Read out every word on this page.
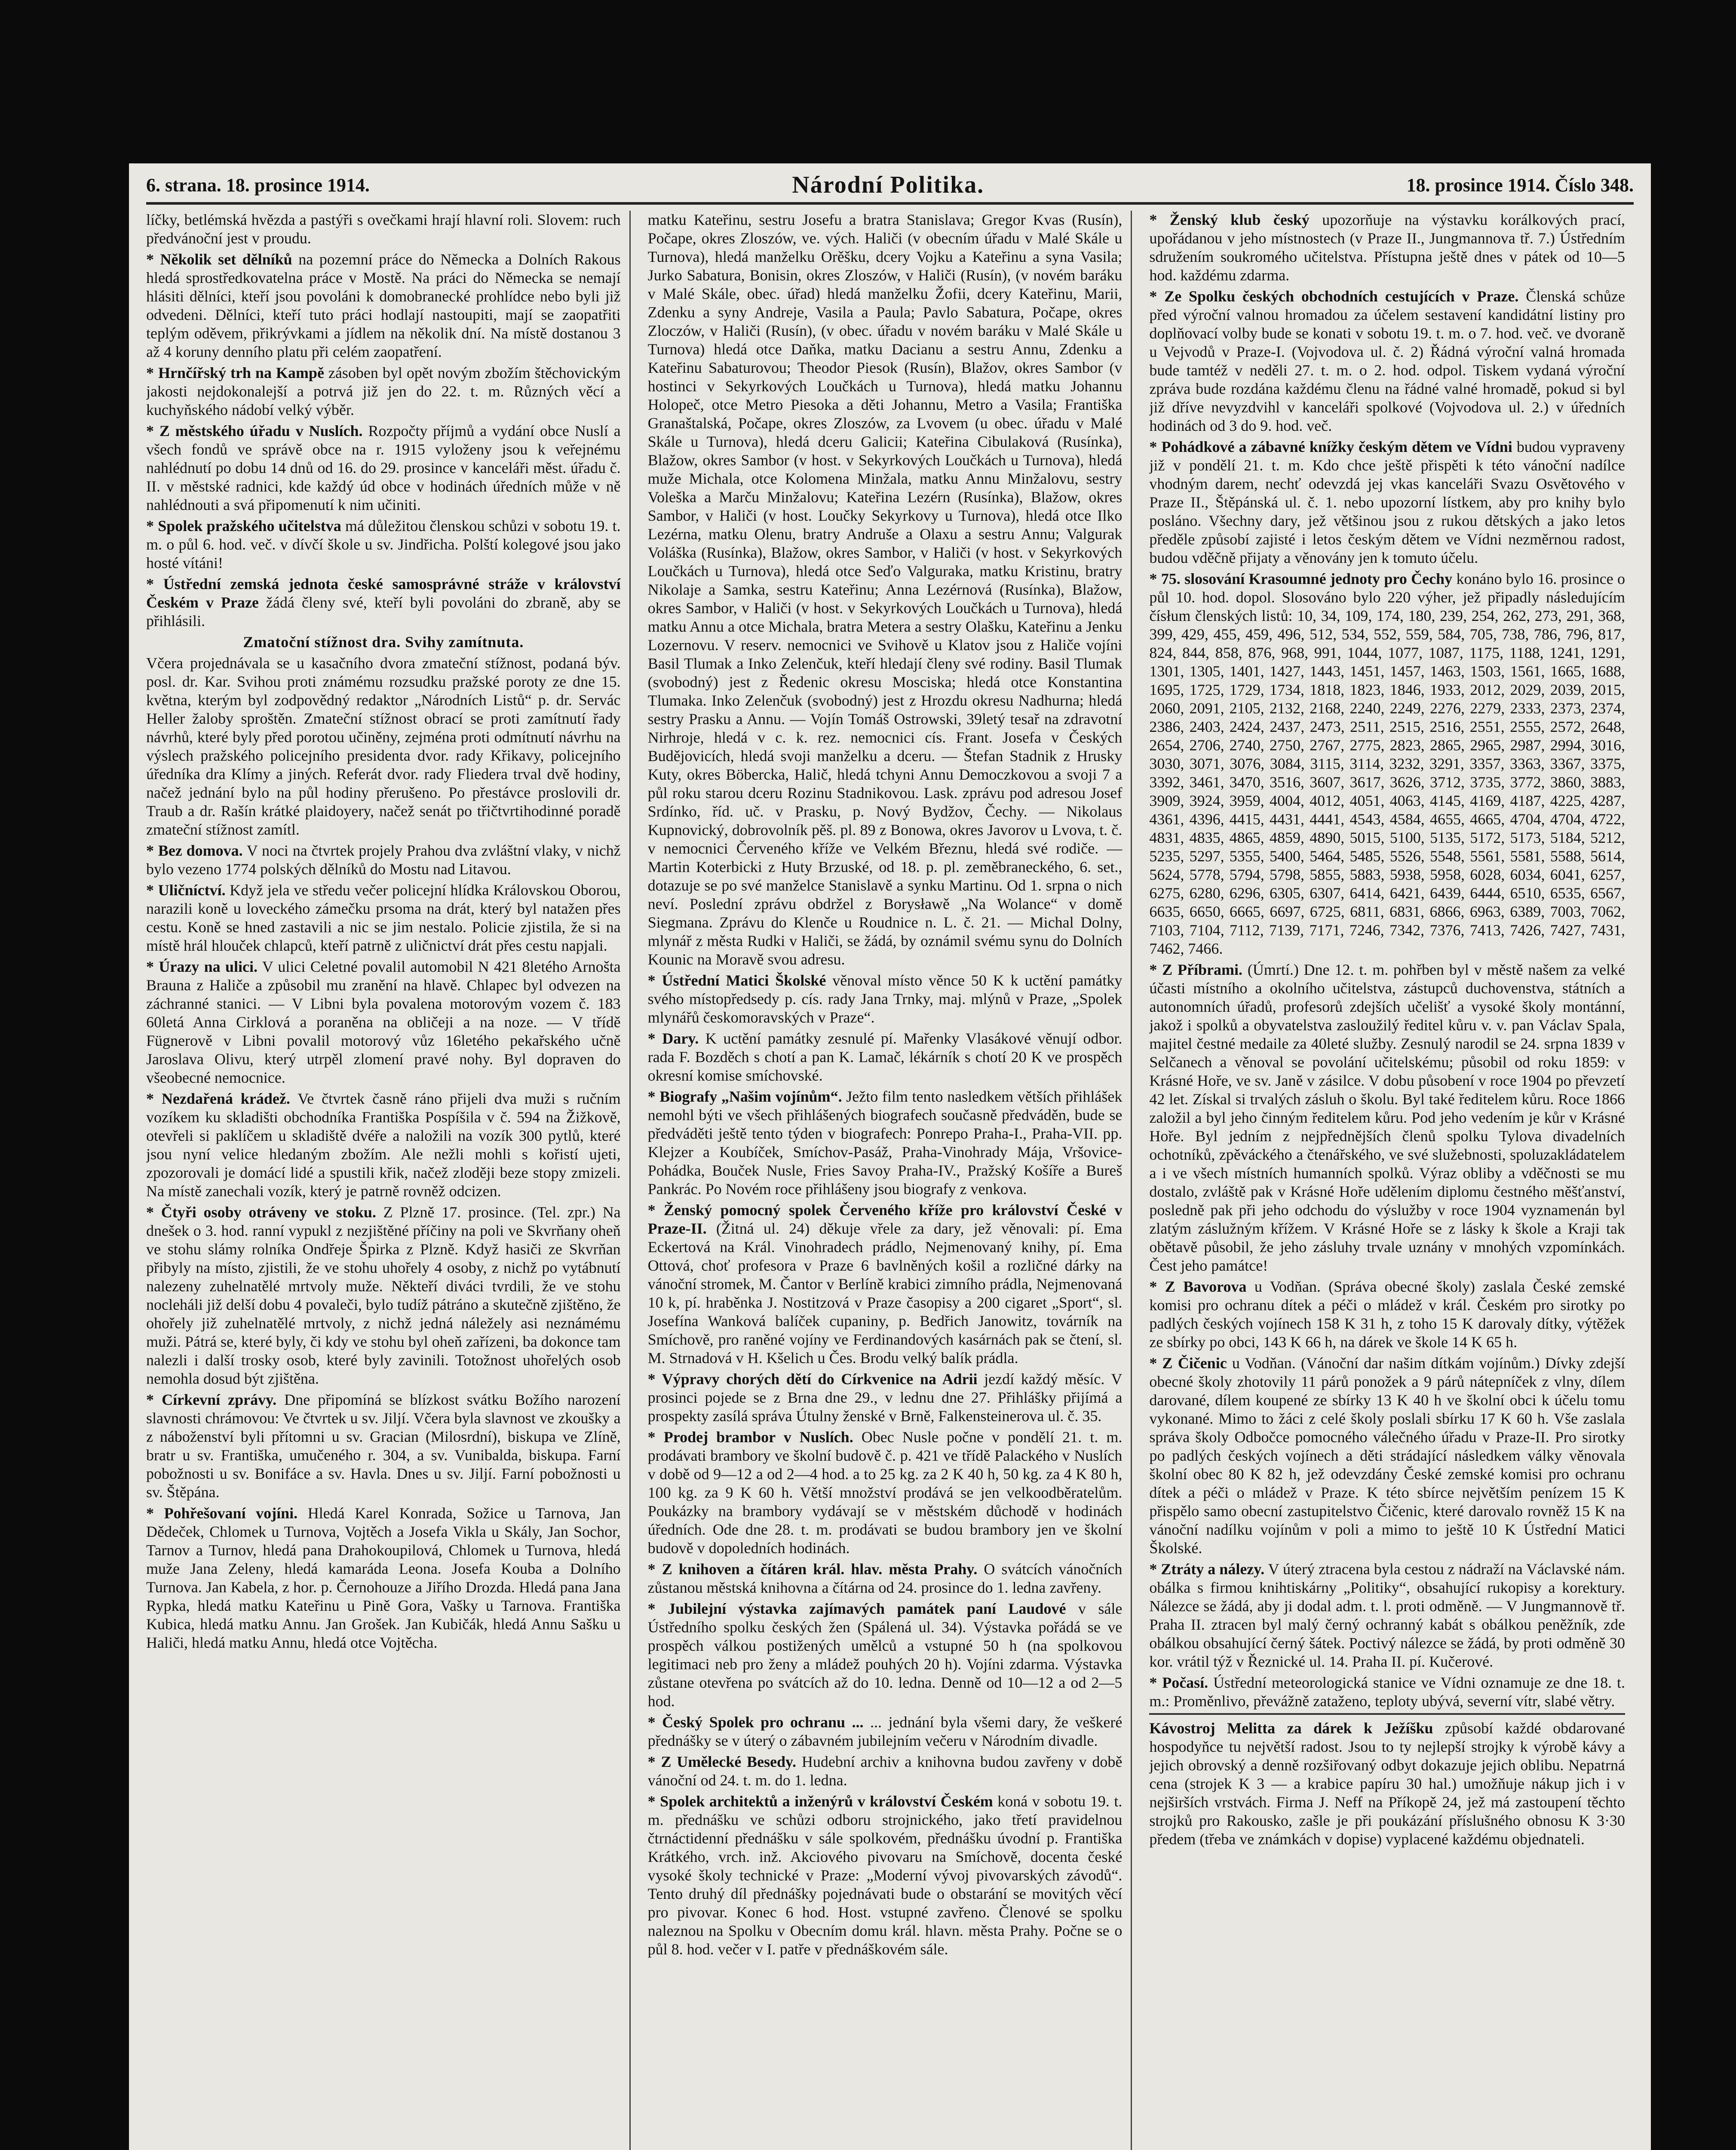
6. strana. 18. prosince 1914.	Národní Politika.	18. prosince 1914. Číslo 348.

líčky, betlémská hvězda a pastýři s ovečkami hrají hlavní roli. Slovem: ruch předvánoční jest v proudu.

* Několik set dělníků na pozemní práce do Německa a Dolních Rakous hledá sprostředkovatelna práce v Mostě. Na práci do Německa se nemají hlásiti dělníci, kteří jsou povoláni k domobranecké prohlídce nebo byli již odvedeni. Dělníci, kteří tuto práci hodlají nastoupiti, mají se zaopatřiti teplým oděvem, přikrývkami a jídlem na několik dní. Na místě dostanou 3 až 4 koruny denního platu při celém zaopatření.

* Hrnčířský trh na Kampě zásoben byl opět novým zbožím štěchovickým jakosti nejdokonalejší a potrvá již jen do 22. t. m. Různých věcí a kuchyňského nádobí velký výběr.

* Z městského úřadu v Nuslích. Rozpočty příjmů a vydání obce Nuslí a všech fondů ve správě obce na r. 1915 vyloženy jsou k veřejnému nahlédnutí po dobu 14 dnů od 16. do 29. prosince v kanceláři měst. úřadu č. II. v městské radnici, kde každý úd obce v hodinách úředních může v ně nahlédnouti a svá připomenutí k nim učiniti.

* Spolek pražského učitelstva má důležitou členskou schůzi v sobotu 19. t. m. o půl 6. hod. več. v dívčí škole u sv. Jindřicha. Polští kolegové jsou jako hosté vítáni!

* Ústřední zemská jednota české samosprávné stráže v království Českém v Praze žádá členy své, kteří byli povoláni do zbraně, aby se přihlásili.

Zmatoční stížnost dra. Svihy zamítnuta.

Včera projednávala se u kasačního dvora zmateční stížnost, podaná býv. posl. dr. Kar. Svihou proti známému rozsudku pražské poroty ze dne 15. května, kterým byl zodpovědný redaktor „Národních Listů“ p. dr. Servác Heller žaloby sproštěn. Zmateční stížnost obrací se proti zamítnutí řady návrhů, které byly před porotou učiněny, zejména proti odmítnutí návrhu na výslech pražského policejního presidenta dvor. rady Křikavy, policejního úředníka dra Klímy a jiných. Referát dvor. rady Fliedera trval dvě hodiny, načež jednání bylo na půl hodiny přerušeno. Po přestávce proslovili dr. Traub a dr. Rašín krátké plaidoyery, načež senát po třičtvrtihodinné poradě zmateční stížnost zamítl.

* Bez domova. V noci na čtvrtek projely Prahou dva zvláštní vlaky, v nichž bylo vezeno 1774 polských dělníků do Mostu nad Litavou.

* Uličníctví. Když jela ve středu večer policejní hlídka Královskou Oborou, narazili koně u loveckého zámečku prsoma na drát, který byl natažen přes cestu. Koně se hned zastavili a nic se jim nestalo. Policie zjistila, že si na místě hrál hlouček chlapců, kteří patrně z uličnictví drát přes cestu napjali.

* Úrazy na ulici. V ulici Celetné povalil automobil N 421 8letého Arnoštа Brauna z Haliče a způsobil mu zranění na hlavě. Chlapec byl odvezen na záchranné stanici. — V Libni byla povalena motorovým vozem č. 183 60letá Anna Cirklová a poraněna na obličeji a na noze. — V třídě Fügnerově v Libni povalil motorový vůz 16letého pekařského učně Jaroslava Olivu, který utrpěl zlomení pravé nohy. Byl dopraven do všeobecné nemocnice.

* Nezdařená krádež. Ve čtvrtek časně ráno přijeli dva muži s ručním vozíkem ku skladišti obchodníka Františka Pospíšila v č. 594 na Žižkově, otevřeli si paklíčem u skladiště dvéře a naložili na vozík 300 pytlů, které jsou nyní velice hledaným zbožím. Ale nežli mohli s kořistí ujeti, zpozorovali je domácí lidé a spustili křik, načež zloději beze stopy zmizeli. Na místě zanechali vozík, který je patrně rovněž odcizen.

* Čtyři osoby otráveny ve stoku. Z Plzně 17. prosince. (Tel. zpr.) Na dnešek o 3. hod. ranní vypukl z nezjištěné příčiny na poli ve Skvrňany oheň ve stohu slámy rolníka Ondřeje Špirka z Plzně. Když hasiči ze Skvrňan přibyly na místo, zjistili, že ve stohu uhořely 4 osoby, z nichž po vytábnutí nalezeny zuhelnatělé mrtvoly muže. Někteří diváci tvrdili, že ve stohu nocleháli již delší dobu 4 povaleči, bylo tudíž pátráno a skutečně zjištěno, že ohořely již zuhelnatělé mrtvoly, z nichž jedná náležely asi neznámému muži. Pátrá se, které byly, či kdy ve stohu byl oheň zařízeni, ba dokonce tam nalezli i další trosky osob, které byly zavinili. Totožnost uhořelých osob nemohla dosud být zjištěna.

* Církevní zprávy. Dne připomíná se blízkost svátku Božího narození slavnosti chrámovou: Ve čtvrtek u sv. Jiljí. Včera byla slavnost ve zkoušky a z náboženství byli přítomni u sv. Gracian (Milosrdní), biskupa ve Zlíně, bratr u sv. Františka, umučeného r. 304, a sv. Vunibalda, biskupa. Farní pobožnosti u sv. Bonifáce a sv. Havla. Dnes u sv. Jiljí. Farní pobožnosti u sv. Štěpána.

* Pohřešovaní vojíni. Hledá Karel Konrada, Sožice u Tarnova, Jan Dědeček, Chlomek u Turnova, Vojtěch a Josefa Vikla u Skály, Jan Sochor, Tarnov a Turnov, hledá pana Drahokoupilová, Chlomek u Turnova, hledá muže Jana Zeleny, hledá kamaráda Leona. Josefa Kouba a Dolního Turnova. Jan Kabela, z hor. p. Černohouze a Jiřího Drozda. Hledá pana Jana Rypka, hledá matku Kateřinu u Pině Gora, Vašky u Tarnova. Františka Kubica, hledá matku Annu. Jan Grošek. Jan Kubičák, hledá Annu Sašku u Haliči, hledá matku Annu, hledá otce Vojtěcha.

matku Kateřinu, sestru Josefu a bratra Stanislava; Gregor Kvas (Rusín), Počape, okres Zloszów, ve. vých. Haliči (v obecním úřadu v Malé Skále u Turnova), hledá manželku Orěšku, dcery Vojku a Kateřinu a syna Vasila; Jurko Sabatura, Bonisin, okres Zloszów, v Haliči (Rusín), (v novém baráku v Malé Skále, obec. úřad) hledá manželku Žofii, dcery Kateřinu, Marii, Zdenku a syny Andreje, Vasila a Paula; Pavlo Sabatura, Počape, okres Zloczów, v Haliči (Rusín), (v obec. úřadu v novém baráku v Malé Skále u Turnova) hledá otce Daňka, matku Dacianu a sestru Annu, Zdenku a Kateřinu Sabaturovou; Theodor Piesok (Rusín), Blažov, okres Sambor (v hostinci v Sekyrkových Loučkách u Turnova), hledá matku Johannu Holopeč, otce Metro Piesoka a děti Johannu, Metro a Vasila; Františka Granaštalská, Počape, okres Zloszów, za Lvovem (u obec. úřadu v Malé Skále u Turnova), hledá dceru Galicii; Kateřina Cibulaková (Rusínka), Blažow, okres Sambor (v host. v Sekyrkových Loučkách u Turnova), hledá muže Michala, otce Kolomena Minžala, matku Annu Minžalovu, sestry Voleška a Marču Minžalovu; Kateřina Lezérn (Rusínka), Blažow, okres Sambor, v Haliči (v host. Loučky Sekyrkovy u Turnova), hledá otce Ilko Lezérna, matku Olenu, bratry Andruše a Olaxu a sestru Annu; Valgurak Voláška (Rusínka), Blažow, okres Sambor, v Haliči (v host. v Sekyrkových Loučkách u Turnova), hledá otce Seďo Valguraka, matku Kristinu, bratry Nikolaje a Samka, sestru Kateřinu; Anna Lezérnová (Rusínka), Blažow, okres Sambor, v Haliči (v host. v Sekyrkových Loučkách u Turnova), hledá matku Annu a otce Michala, bratra Metera a sestry Olašku, Kateřinu a Jenku Lozernovu. V reserv. nemocnici ve Svihově u Klatov jsou z Haliče vojíni Basil Tlumak a Inko Zelenčuk, kteří hledají členy své rodiny. Basil Tlumak (svobodný) jest z Ředenic okresu Mosciska; hledá otce Konstantina Tlumaka. Inko Zelenčuk (svobodný) jest z Hrozdu okresu Nadhurna; hledá sestry Prasku a Annu. — Vojín Tomáš Ostrowski, 39letý tesař na zdravotní Nirhroje, hledá v c. k. rez. nemocnici cís. Frant. Josefa v Českých Budějovicích, hledá svoji manželku a dceru. — Štefan Stadnik z Hrusky Kuty, okres Böbercka, Halič, hledá tchyni Annu Democzkovou a svoji 7 a půl roku starou dceru Rozinu Stadnikovou. Lask. zprávu pod adresou Josef Srdínko, říd. uč. v Prasku, p. Nový Bydžov, Čechy. — Nikolaus Kupnovický, dobrovolník pěš. pl. 89 z Bonowa, okres Javorov u Lvova, t. č. v nemocnici Červeného kříže ve Velkém Březnu, hledá své rodiče. — Martin Koterbicki z Huty Brzuské, od 18. p. pl. zeměbraneckého, 6. set., dotazuje se po své manželce Stanislavě a synku Martinu. Od 1. srpna o nich neví. Poslední zprávu obdržel z Borysławě „Na Wolance“ v domě Siegmana. Zprávu do Klenče u Roudnice n. L. č. 21. — Michal Dolny, mlynář z města Rudki v Haliči, se žádá, by oznámil svému synu do Dolních Kounic na Moravě svou adresu.

* Ústřední Matici Školské věnoval místo věnce 50 K k uctění památky svého místopředsedy p. cís. rady Jana Trnky, maj. mlýnů v Praze, „Spolek mlynářů českomoravských v Praze“.

* Dary. K uctění památky zesnulé pí. Mařenky Vlasákové věnují odbor. rada F. Bozděch s chotí a pan K. Lamač, lékárník s chotí 20 K ve prospěch okresní komise smíchovské.

* Biografy „Našim vojínům“. Ježto film tento nasledkem větších přihlášek nemohl býti ve všech přihlášených biografech současně předváděn, bude se předváděti ještě tento týden v biografech: Ponrepo Praha-I., Praha-VII. pp. Klejzer a Koubíček, Smíchov-Pasáž, Praha-Vinohrady Mája, Vršovice-Pohádka, Bouček Nusle, Fries Savoy Praha-IV., Pražský Košíře a Bureš Pankrác. Po Novém roce přihlášeny jsou biografy z venkova.

* Ženský pomocný spolek Červeného kříže pro království České v Praze-II. (Žitná ul. 24) děkuje vřele za dary, jež věnovali: pí. Ema Eckertová na Král. Vinohradech prádlo, Nejmenovaný knihy, pí. Ema Ottová, choť profesora v Praze 6 bavlněných košil a rozličné dárky na vánoční stromek, M. Čantor v Berlíně krabici zimního prádla, Nejmenovaná 10 k, pí. hraběnka J. Nostitzová v Praze časopisy a 200 cigaret „Sport“, sl. Josefína Wanková balíček cupaniny, p. Bedřich Janowitz, továrník na Smíchově, pro raněné vojíny ve Ferdinandových kasárnách pak se čtení, sl. M. Strnadová v H. Kšelich u Čes. Brodu velký balík prádla.

* Výpravy chorých dětí do Církvenice na Adrii jezdí každý měsíc. V prosinci pojede se z Brna dne 29., v lednu dne 27. Přihlášky přijímá a prospekty zasílá správa Útulny ženské v Brně, Falkensteinerova ul. č. 35.

* Prodej brambor v Nuslích. Obec Nusle počne v pondělí 21. t. m. prodávati brambory ve školní budově č. p. 421 ve třídě Palackého v Nuslích v době od 9—12 a od 2—4 hod. a to 25 kg. za 2 K 40 h, 50 kg. za 4 K 80 h, 100 kg. za 9 K 60 h. Větší množství prodává se jen velkoodběratelům. Poukázky na brambory vydávají se v městském důchodě v hodinách úředních. Ode dne 28. t. m. prodávati se budou brambory jen ve školní budově v dopoledních hodinách.

* Z knihoven a čítáren král. hlav. města Prahy. O svátcích vánočních zůstanou městská knihovna a čítárna od 24. prosince do 1. ledna zavřeny.

* Jubilejní výstavka zajímavých památek paní Laudové v sále Ústředního spolku českých žen (Spálená ul. 34). Výstavka pořádá se ve prospěch válkou postižených umělců a vstupné 50 h (na spolkovou legitimaci neb pro ženy a mládež pouhých 20 h). Vojíni zdarma. Výstavka zůstane otevřena po svátcích až do 10. ledna. Denně od 10—12 a od 2—5 hod.

* Český Spolek pro ochranu ... ... jednání byla všemi dary, že veškeré přednášky se v úterý o zábavném jubilejním večeru v Národním divadle.

* Z Umělecké Besedy. Hudební archiv a knihovna budou zavřeny v době vánoční od 24. t. m. do 1. ledna.

* Spolek architektů a inženýrů v království Českém koná v sobotu 19. t. m. přednášku ve schůzi odboru strojnického, jako třetí pravidelnou čtrnáctidenní přednášku v sále spolkovém, přednášku úvodní p. Františka Krátkého, vrch. inž. Akciového pivovaru na Smíchově, docenta české vysoké školy technické v Praze: „Moderní vývoj pivovarských závodů“. Tento druhý díl přednášky pojednávati bude o obstarání se movitých věcí pro pivovar. Konec 6 hod. Host. vstupné zavřeno. Členové se spolku naleznou na Spolku v Obecním domu král. hlavn. města Prahy. Počne se o půl 8. hod. večer v I. patře v přednáškovém sále.

* Ženský klub český upozorňuje na výstavku korálkových prací, upořádanou v jeho místnostech (v Praze II., Jungmannova tř. 7.) Ústředním sdružením soukromého učitelstva. Přístupna ještě dnes v pátek od 10—5 hod. každému zdarma.

* Ze Spolku českých obchodních cestujících v Praze. Členská schůze před výroční valnou hromadou za účelem sestavení kandidátní listiny pro doplňovací volby bude se konati v sobotu 19. t. m. o 7. hod. več. ve dvoraně u Vejvodů v Praze-I. (Vojvodova ul. č. 2) Řádná výroční valná hromada bude tamtéž v neděli 27. t. m. o 2. hod. odpol. Tiskem vydaná výroční zpráva bude rozdána každému členu na řádné valné hromadě, pokud si byl již dříve nevyzdvihl v kanceláři spolkové (Vojvodova ul. 2.) v úředních hodinách od 3 do 9. hod. več.

* Pohádkové a zábavné knížky českým dětem ve Vídni budou vypraveny již v pondělí 21. t. m. Kdo chce ještě přispěti k této vánoční nadílce vhodným darem, nechť odevzdá jej vkas kanceláři Svazu Osvětového v Praze II., Štěpánská ul. č. 1. nebo upozorní lístkem, aby pro knihy bylo posláno. Všechny dary, jež většinou jsou z rukou dětských a jako letos předěle způsobí zajisté i letos českým dětem ve Vídni nezměrnou radost, budou vděčně přijaty a věnovány jen k tomuto účelu.

* 75. slosování Krasoumné jednoty pro Čechy konáno bylo 16. prosince o půl 10. hod. dopol. Slosováno bylo 220 výher, jež připadly následujícím čísłum členských listů: 10, 34, 109, 174, 180, 239, 254, 262, 273, 291, 368, 399, 429, 455, 459, 496, 512, 534, 552, 559, 584, 705, 738, 786, 796, 817, 824, 844, 858, 876, 968, 991, 1044, 1077, 1087, 1175, 1188, 1241, 1291, 1301, 1305, 1401, 1427, 1443, 1451, 1457, 1463, 1503, 1561, 1665, 1688, 1695, 1725, 1729, 1734, 1818, 1823, 1846, 1933, 2012, 2029, 2039, 2015, 2060, 2091, 2105, 2132, 2168, 2240, 2249, 2276, 2279, 2333, 2373, 2374, 2386, 2403, 2424, 2437, 2473, 2511, 2515, 2516, 2551, 2555, 2572, 2648, 2654, 2706, 2740, 2750, 2767, 2775, 2823, 2865, 2965, 2987, 2994, 3016, 3030, 3071, 3076, 3084, 3115, 3114, 3232, 3291, 3357, 3363, 3367, 3375, 3392, 3461, 3470, 3516, 3607, 3617, 3626, 3712, 3735, 3772, 3860, 3883, 3909, 3924, 3959, 4004, 4012, 4051, 4063, 4145, 4169, 4187, 4225, 4287, 4361, 4396, 4415, 4431, 4441, 4543, 4584, 4655, 4665, 4704, 4704, 4722, 4831, 4835, 4865, 4859, 4890, 5015, 5100, 5135, 5172, 5173, 5184, 5212, 5235, 5297, 5355, 5400, 5464, 5485, 5526, 5548, 5561, 5581, 5588, 5614, 5624, 5778, 5794, 5798, 5855, 5883, 5938, 5958, 6028, 6034, 6041, 6257, 6275, 6280, 6296, 6305, 6307, 6414, 6421, 6439, 6444, 6510, 6535, 6567, 6635, 6650, 6665, 6697, 6725, 6811, 6831, 6866, 6963, 6389, 7003, 7062, 7103, 7104, 7112, 7139, 7171, 7246, 7342, 7376, 7413, 7426, 7427, 7431, 7462, 7466.

* Z Příbrami. (Úmrtí.) Dne 12. t. m. pohřben byl v městě našem za velké účasti místního a okolního učitelstva, zástupců duchovenstva, státních a autonomních úřadů, profesorů zdejších učelišť a vysoké školy montánní, jakož i spolků a obyvatelstva zasloužilý ředitel kůru v. v. pan Václav Spala, majitel čestné medaile za 40leté služby. Zesnulý narodil se 24. srpna 1839 v Selčanech a věnoval se povolání učitelskému; působil od roku 1859: v Krásné Hoře, ve sv. Janě v zásilce. V dobu působení v roce 1904 po převzetí 42 let. Získal si trvalých zásluh o školu. Byl také ředitelem kůru. Roce 1866 založil a byl jeho činným ředitelem kůru. Pod jeho vedením je kůr v Krásné Hoře. Byl jedním z nejpřednějších členů spolku Tylova divadelních ochotníků, zpěváckého a čtenářského, ve své služebnosti, spoluzakládatelem a i ve všech místních humanních spolků. Výraz obliby a vděčnosti se mu dostalo, zvláště pak v Krásné Hoře udělením diplomu čestného měšťanství, posledně pak při jeho odchodu do výslužby v roce 1904 vyznamenán byl zlatým záslužným křížem. V Krásné Hoře se z lásky k škole a Kraji tak obětavě působil, že jeho zásluhy trvale uznány v mnohých vzpomínkách. Čest jeho památce!

* Z Bavorova u Vodňan. (Správa obecné školy) zaslala České zemské komisi pro ochranu dítek a péči o mládež v král. Českém pro sirotky po padlých českých vojínech 158 K 31 h, z toho 15 K darovaly dítky, výtěžek ze sbírky po obci, 143 K 66 h, na dárek ve škole 14 K 65 h.

* Z Čičenic u Vodňan. (Vánoční dar našim dítkám vojínům.) Dívky zdejší obecné školy zhotovily 11 párů ponožek a 9 párů nátepníček z vlny, dílem darované, dílem koupené ze sbírky 13 K 40 h ve školní obci k účelu tomu vykonané. Mimo to žáci z celé školy poslali sbírku 17 K 60 h. Vše zaslala správa školy Odbočce pomocného válečného úřadu v Praze-II. Pro sirotky po padlých českých vojínech a děti strádající následkem války věnovala školní obec 80 K 82 h, jež odevzdány České zemské komisi pro ochranu dítek a péči o mládež v Praze. K této sbírce největším penízem 15 K přispělo samo obecní zastupitelstvo Čičenic, které darovalo rovněž 15 K na vánoční nadílku vojínům v poli a mimo to ještě 10 K Ústřední Matici Školské.

* Ztráty a nálezy. V úterý ztracena byla cestou z nádraží na Václavské nám. obálka s firmou knihtiskárny „Politiky“, obsahující rukopisy a korektury. Nálezce se žádá, aby ji dodal adm. t. l. proti odměně. — V Jungmannově tř. Praha II. ztracen byl malý černý ochranný kabát s obálkou peněžník, zde obálkou obsahující černý šátek. Poctivý nálezce se žádá, by proti odměně 30 kor. vrátil týž v Řeznické ul. 14. Praha II. pí. Kučerové.

* Počasí. Ústřední meteorologická stanice ve Vídni oznamuje ze dne 18. t. m.: Proměnlivo, převážně zataženo, teploty ubývá, severní vítr, slabé větry.

Kávostroj Melitta za dárek k Ježíšku způsobí každé obdarované hospodyňce tu největší radost. Jsou to ty nejlepší strojky k výrobě kávy a jejich obrovský a denně rozšiřovaný odbyt dokazuje jejich oblibu. Nepatrná cena (strojek K 3 — a krabice papíru 30 hal.) umožňuje nákup jich i v nejširších vrstvách. Firma J. Neff na Příkopě 24, jež má zastoupení těchto strojků pro Rakousko, zašle je při poukázání příslušného obnosu K 3·30 předem (třeba ve známkách v dopise) vyplacené každému objednateli.
